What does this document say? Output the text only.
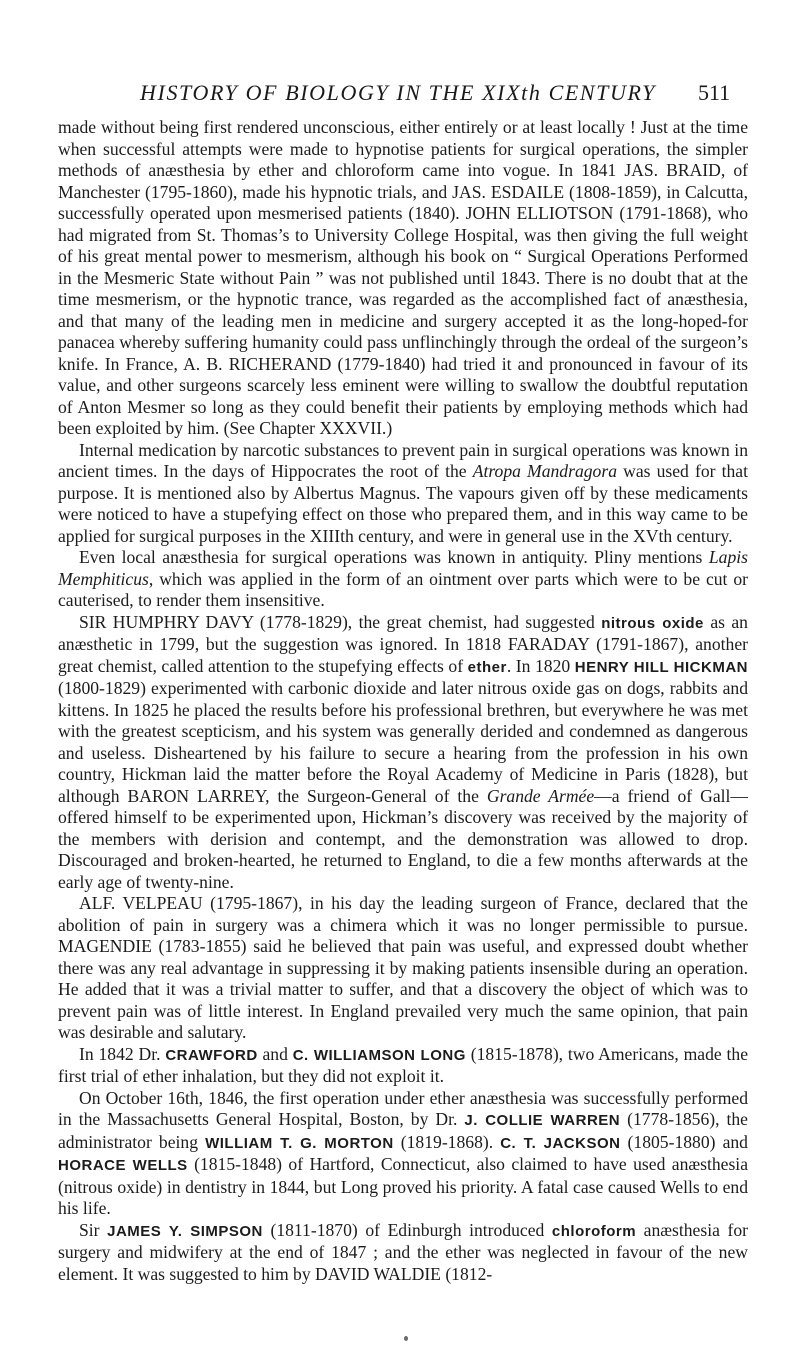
HISTORY OF BIOLOGY IN THE XIXth CENTURY	511

made without being first rendered unconscious, either entirely or at least locally ! Just at the time when successful attempts were made to hypnotise patients for surgical operations, the simpler methods of anæsthesia by ether and chloroform came into vogue. In 1841 JAS. BRAID, of Manchester (1795-1860), made his hypnotic trials, and JAS. ESDAILE (1808-1859), in Calcutta, successfully operated upon mesmerised patients (1840). JOHN ELLIOTSON (1791-1868), who had migrated from St. Thomas’s to University College Hospital, was then giving the full weight of his great mental power to mesmerism, although his book on “ Surgical Operations Performed in the Mesmeric State without Pain ” was not published until 1843. There is no doubt that at the time mesmerism, or the hypnotic trance, was regarded as the accomplished fact of anæsthesia, and that many of the leading men in medicine and surgery accepted it as the long-hoped-for panacea whereby suffering humanity could pass unflinchingly through the ordeal of the surgeon’s knife. In France, A. B. RICHERAND (1779-1840) had tried it and pronounced in favour of its value, and other surgeons scarcely less eminent were willing to swallow the doubtful reputation of Anton Mesmer so long as they could benefit their patients by employing methods which had been exploited by him. (See Chapter XXXVII.)

Internal medication by narcotic substances to prevent pain in surgical operations was known in ancient times. In the days of Hippocrates the root of the Atropa Mandragora was used for that purpose. It is mentioned also by Albertus Magnus. The vapours given off by these medicaments were noticed to have a stupefying effect on those who prepared them, and in this way came to be applied for surgical purposes in the XIIIth century, and were in general use in the XVth century.

Even local anæsthesia for surgical operations was known in antiquity. Pliny mentions Lapis Memphiticus, which was applied in the form of an ointment over parts which were to be cut or cauterised, to render them insensitive.

SIR HUMPHRY DAVY (1778-1829), the great chemist, had suggested nitrous oxide as an anæsthetic in 1799, but the suggestion was ignored. In 1818 FARADAY (1791-1867), another great chemist, called attention to the stupefying effects of ether. In 1820 HENRY HILL HICKMAN (1800-1829) experimented with carbonic dioxide and later nitrous oxide gas on dogs, rabbits and kittens. In 1825 he placed the results before his professional brethren, but everywhere he was met with the greatest scepticism, and his system was generally derided and condemned as dangerous and useless. Disheartened by his failure to secure a hearing from the profession in his own country, Hickman laid the matter before the Royal Academy of Medicine in Paris (1828), but although BARON LARREY, the Surgeon-General of the Grande Armée—a friend of Gall—offered himself to be experimented upon, Hickman’s discovery was received by the majority of the members with derision and contempt, and the demonstration was allowed to drop. Discouraged and broken-hearted, he returned to England, to die a few months afterwards at the early age of twenty-nine.

ALF. VELPEAU (1795-1867), in his day the leading surgeon of France, declared that the abolition of pain in surgery was a chimera which it was no longer permissible to pursue. MAGENDIE (1783-1855) said he believed that pain was useful, and expressed doubt whether there was any real advantage in suppressing it by making patients insensible during an operation. He added that it was a trivial matter to suffer, and that a discovery the object of which was to prevent pain was of little interest. In England prevailed very much the same opinion, that pain was desirable and salutary.

In 1842 Dr. CRAWFORD and C. WILLIAMSON LONG (1815-1878), two Americans, made the first trial of ether inhalation, but they did not exploit it.

On October 16th, 1846, the first operation under ether anæsthesia was successfully performed in the Massachusetts General Hospital, Boston, by Dr. J. COLLIE WARREN (1778-1856), the administrator being WILLIAM T. G. MORTON (1819-1868). C. T. JACKSON (1805-1880) and HORACE WELLS (1815-1848) of Hartford, Connecticut, also claimed to have used anæsthesia (nitrous oxide) in dentistry in 1844, but Long proved his priority. A fatal case caused Wells to end his life.

Sir JAMES Y. SIMPSON (1811-1870) of Edinburgh introduced chloroform anæsthesia for surgery and midwifery at the end of 1847 ; and the ether was neglected in favour of the new element. It was suggested to him by DAVID WALDIE (1812-
